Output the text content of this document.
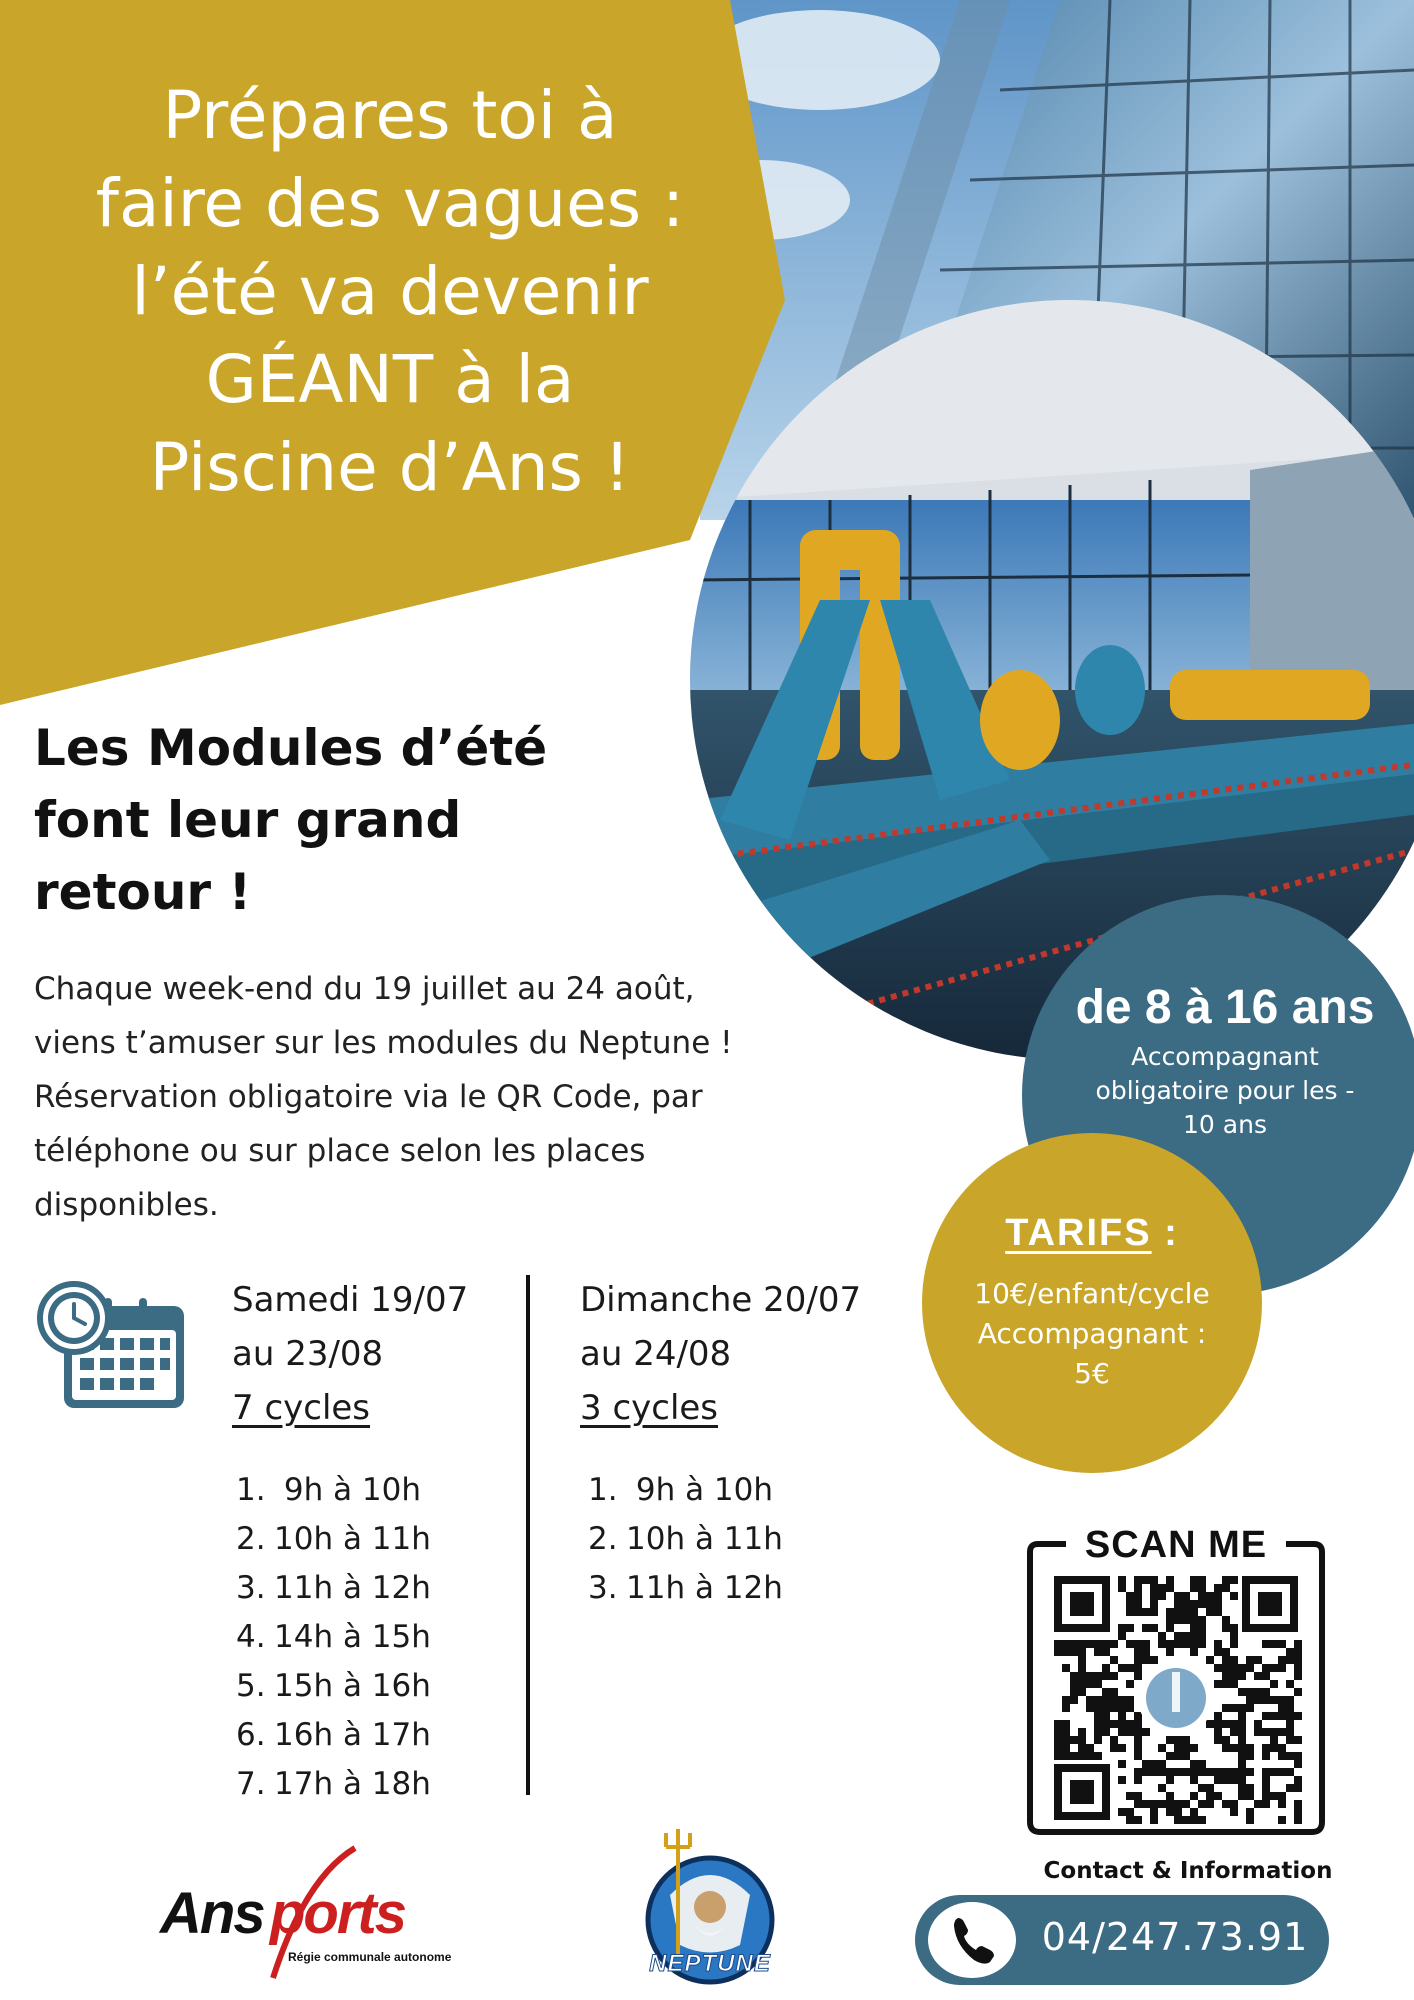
Prépares toi à
faire des vagues :
l’été va devenir
GÉANT à la
Piscine d’Ans !
Les Modules d’été
font leur grand
retour !
Chaque week-end du 19 juillet au 24 août,
viens t’amuser sur les modules du Neptune !
Réservation obligatoire via le QR Code, par
téléphone ou sur place selon les places
disponibles.
de 8 à 16 ans
Accompagnant
obligatoire pour les -
10 ans
TARIFS :
10€/enfant/cycle
Accompagnant :
5€
Samedi 19/07
au 23/08
7 cycles
Dimanche 20/07
au 24/08
3 cycles
1. 9h à 10h
2. 10h à 11h
3. 11h à 12h
4. 14h à 15h
5. 15h à 16h
6. 16h à 17h
7. 17h à 18h
1. 9h à 10h
2. 10h à 11h
3. 11h à 12h
SCAN ME
Contact & Information
04/247.73.91
Ans ports
Régie communale autonome	NEPTUNE
